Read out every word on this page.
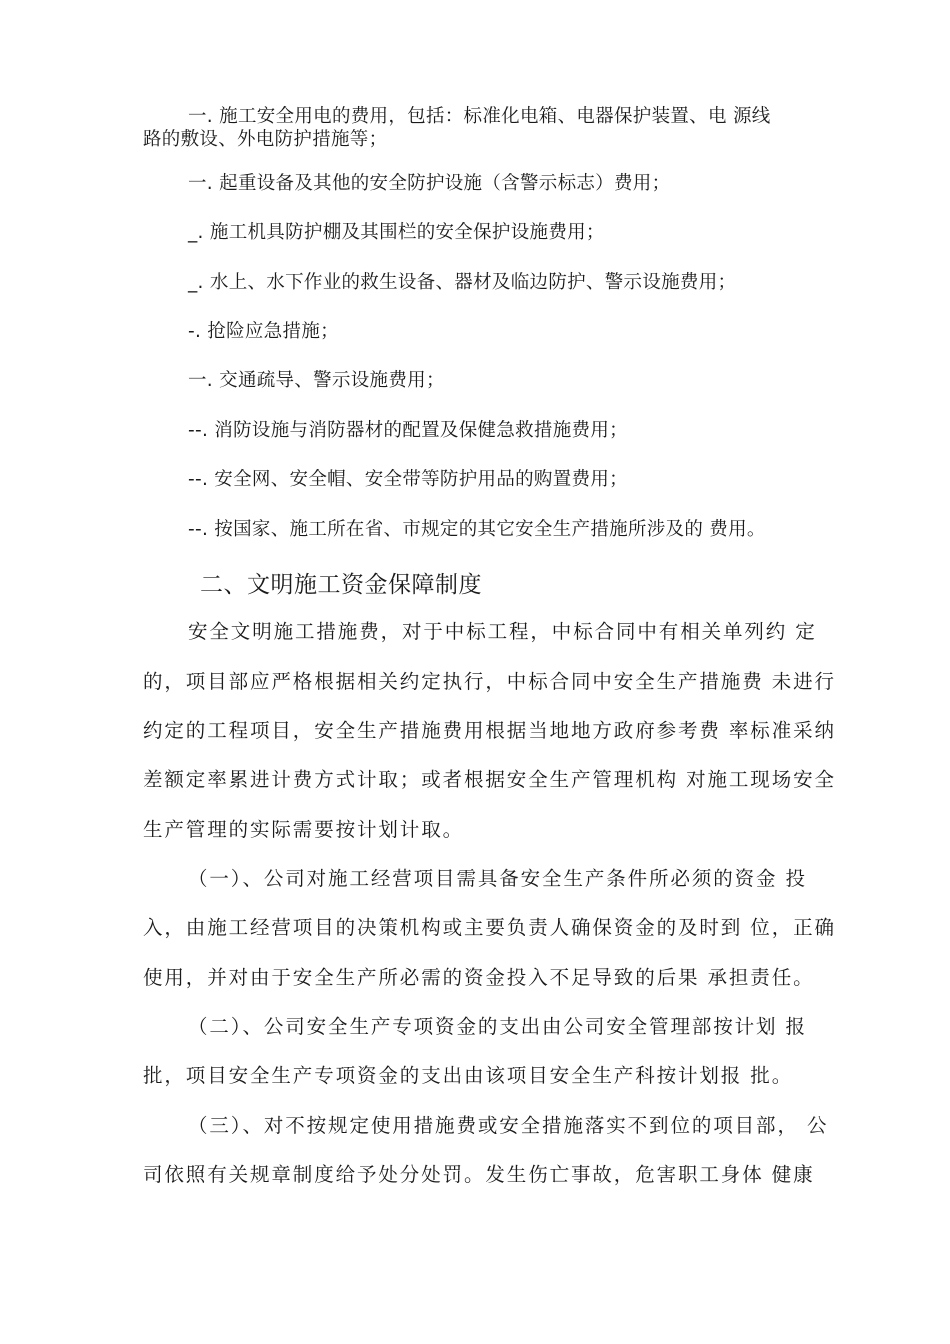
一. 施工安全用电的费用，包括：标准化电箱、电器保护装置、电 源线
路的敷设、外电防护措施等；
一. 起重设备及其他的安全防护设施（含警示标志）费用；
_. 施工机具防护棚及其围栏的安全保护设施费用；
_. 水上、水下作业的救生设备、器材及临边防护、警示设施费用；
-. 抢险应急措施；
一. 交通疏导、警示设施费用；
--. 消防设施与消防器材的配置及保健急救措施费用；
--. 安全网、安全帽、安全带等防护用品的购置费用；
--. 按国家、施工所在省、市规定的其它安全生产措施所涉及的 费用。
二、文明施工资金保障制度
安全文明施工措施费，对于中标工程，中标合同中有相关单列约 定
的，项目部应严格根据相关约定执行，中标合同中安全生产措施费 未进行
约定的工程项目，安全生产措施费用根据当地地方政府参考费 率标准采纳
差额定率累进计费方式计取；或者根据安全生产管理机构 对施工现场安全
生产管理的实际需要按计划计取。
（一）、公司对施工经营项目需具备安全生产条件所必须的资金 投
入，由施工经营项目的决策机构或主要负责人确保资金的及时到 位，正确
使用，并对由于安全生产所必需的资金投入不足导致的后果 承担责任。
（二）、公司安全生产专项资金的支出由公司安全管理部按计划 报
批，项目安全生产专项资金的支出由该项目安全生产科按计划报 批。
（三）、对不按规定使用措施费或安全措施落实不到位的项目部， 公
司依照有关规章制度给予处分处罚。发生伤亡事故，危害职工身体 健康
